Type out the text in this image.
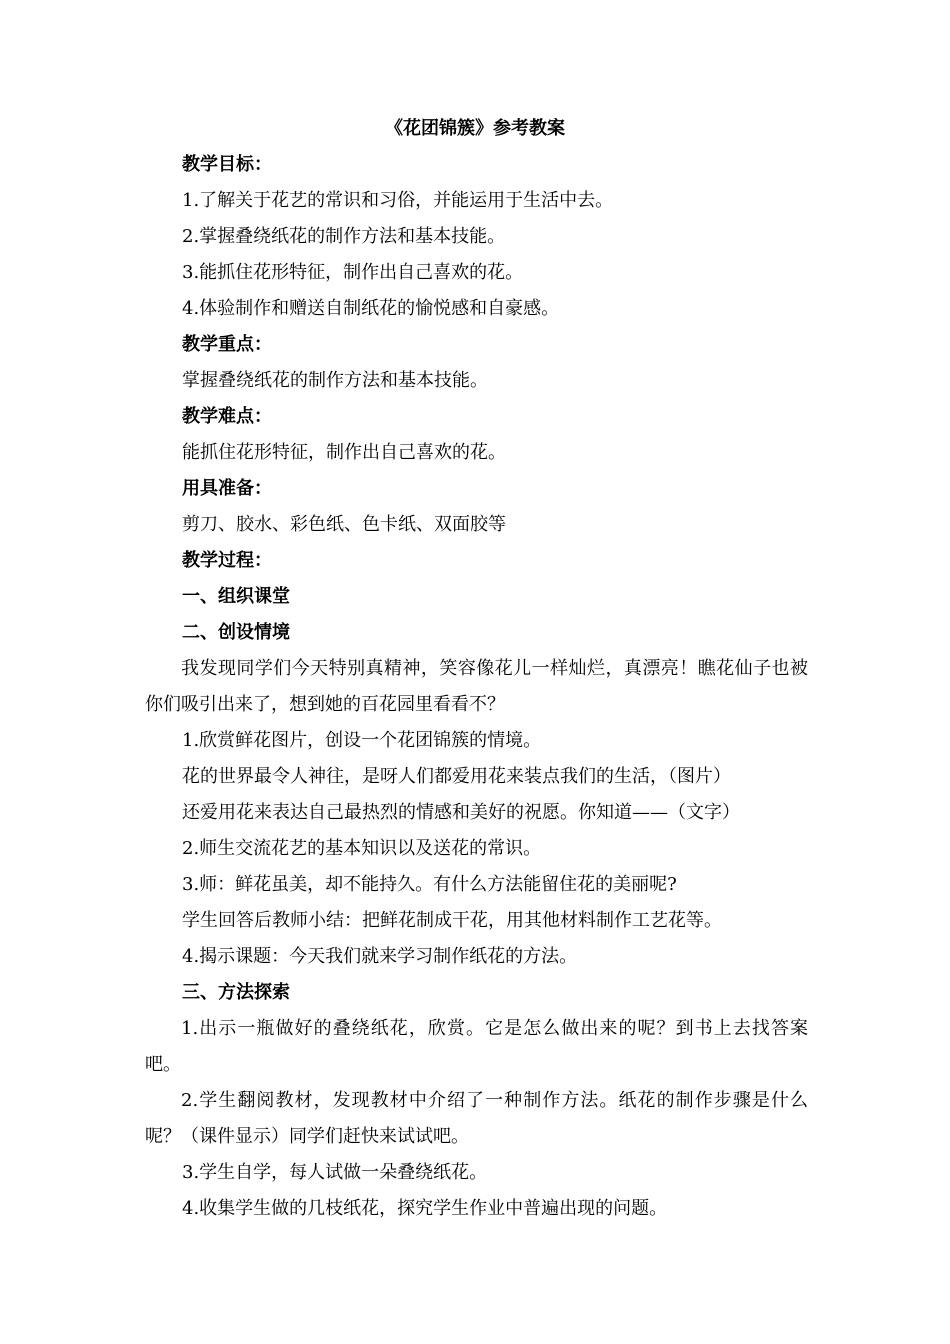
《花团锦簇》参考教案
教学目标：
1.了解关于花艺的常识和习俗，并能运用于生活中去。
2.掌握叠绕纸花的制作方法和基本技能。
3.能抓住花形特征，制作出自己喜欢的花。
4.体验制作和赠送自制纸花的愉悦感和自豪感。
教学重点：
掌握叠绕纸花的制作方法和基本技能。
教学难点：
能抓住花形特征，制作出自己喜欢的花。
用具准备：
剪刀、胶水、彩色纸、色卡纸、双面胶等
教学过程：
一、组织课堂
二、创设情境
我发现同学们今天特别真精神，笑容像花儿一样灿烂，真漂亮！瞧花仙子也被你们吸引出来了，想到她的百花园里看看不？
1.欣赏鲜花图片，创设一个花团锦簇的情境。
花的世界最令人神往，是呀人们都爱用花来装点我们的生活，（图片）
还爱用花来表达自己最热烈的情感和美好的祝愿。你知道——（文字）
2.师生交流花艺的基本知识以及送花的常识。
3.师：鲜花虽美，却不能持久。有什么方法能留住花的美丽呢?
学生回答后教师小结：把鲜花制成干花，用其他材料制作工艺花等。
4.揭示课题：今天我们就来学习制作纸花的方法。
三、方法探索
1.出示一瓶做好的叠绕纸花，欣赏。它是怎么做出来的呢？到书上去找答案吧。
2.学生翻阅教材，发现教材中介绍了一种制作方法。纸花的制作步骤是什么呢？（课件显示）同学们赶快来试试吧。
3.学生自学，每人试做一朵叠绕纸花。
4.收集学生做的几枝纸花，探究学生作业中普遍出现的问题。
